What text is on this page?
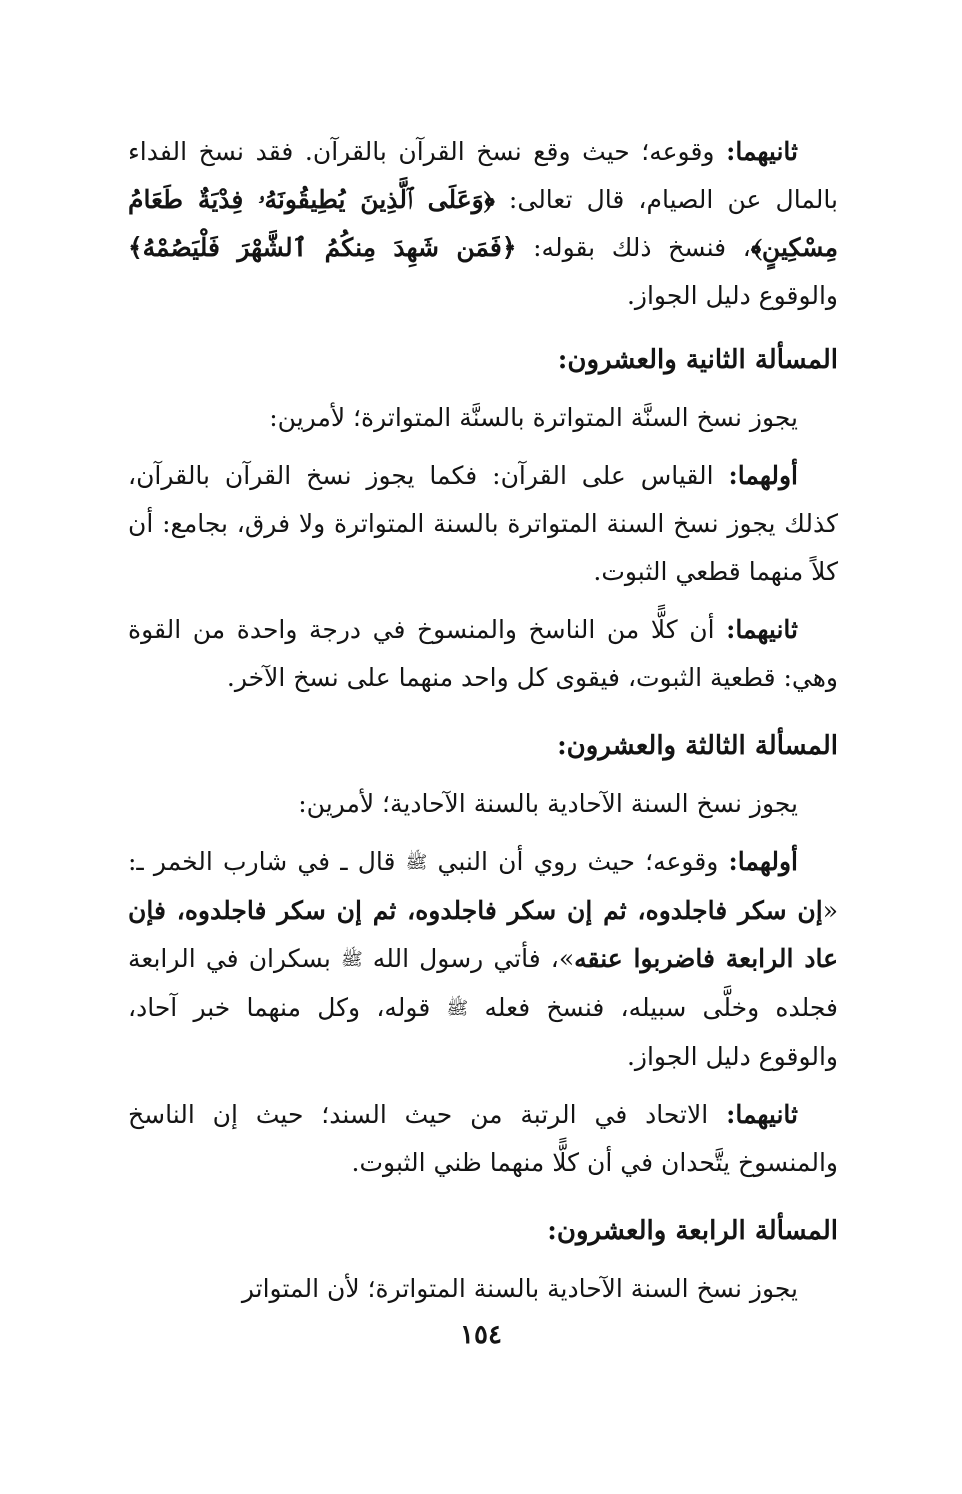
ثانيهما: وقوعه؛ حيث وقع نسخ القرآن بالقرآن. فقد نسخ الفداء بالمال عن الصيام، قال تعالى: ﴿وَعَلَى ٱلَّذِينَ يُطِيقُونَهُۥ فِدْيَةٌ طَعَامُ مِسْكِينٍ﴾، فنسخ ذلك بقوله: ﴿فَمَن شَهِدَ مِنكُمُ ٱلشَّهْرَ فَلْيَصُمْهُ﴾ والوقوع دليل الجواز.

المسألة الثانية والعشرون:

يجوز نسخ السنَّة المتواترة بالسنَّة المتواترة؛ لأمرين:

أولهما: القياس على القرآن: فكما يجوز نسخ القرآن بالقرآن، كذلك يجوز نسخ السنة المتواترة بالسنة المتواترة ولا فرق، بجامع: أن كلاً منهما قطعي الثبوت.

ثانيهما: أن كلًّا من الناسخ والمنسوخ في درجة واحدة من القوة وهي: قطعية الثبوت، فيقوى كل واحد منهما على نسخ الآخر.

المسألة الثالثة والعشرون:

يجوز نسخ السنة الآحادية بالسنة الآحادية؛ لأمرين:

أولهما: وقوعه؛ حيث روي أن النبي ﷺ قال ـ في شارب الخمر ـ: «إن سكر فاجلدوه، ثم إن سكر فاجلدوه، ثم إن سكر فاجلدوه، فإن عاد الرابعة فاضربوا عنقه»، فأتي رسول الله ﷺ بسكران في الرابعة فجلده وخلَّى سبيله، فنسخ فعله ﷺ قوله، وكل منهما خبر آحاد، والوقوع دليل الجواز.

ثانيهما: الاتحاد في الرتبة من حيث السند؛ حيث إن الناسخ والمنسوخ يتَّحدان في أن كلًّا منهما ظني الثبوت.

المسألة الرابعة والعشرون:

يجوز نسخ السنة الآحادية بالسنة المتواترة؛ لأن المتواتر

١٥٤
